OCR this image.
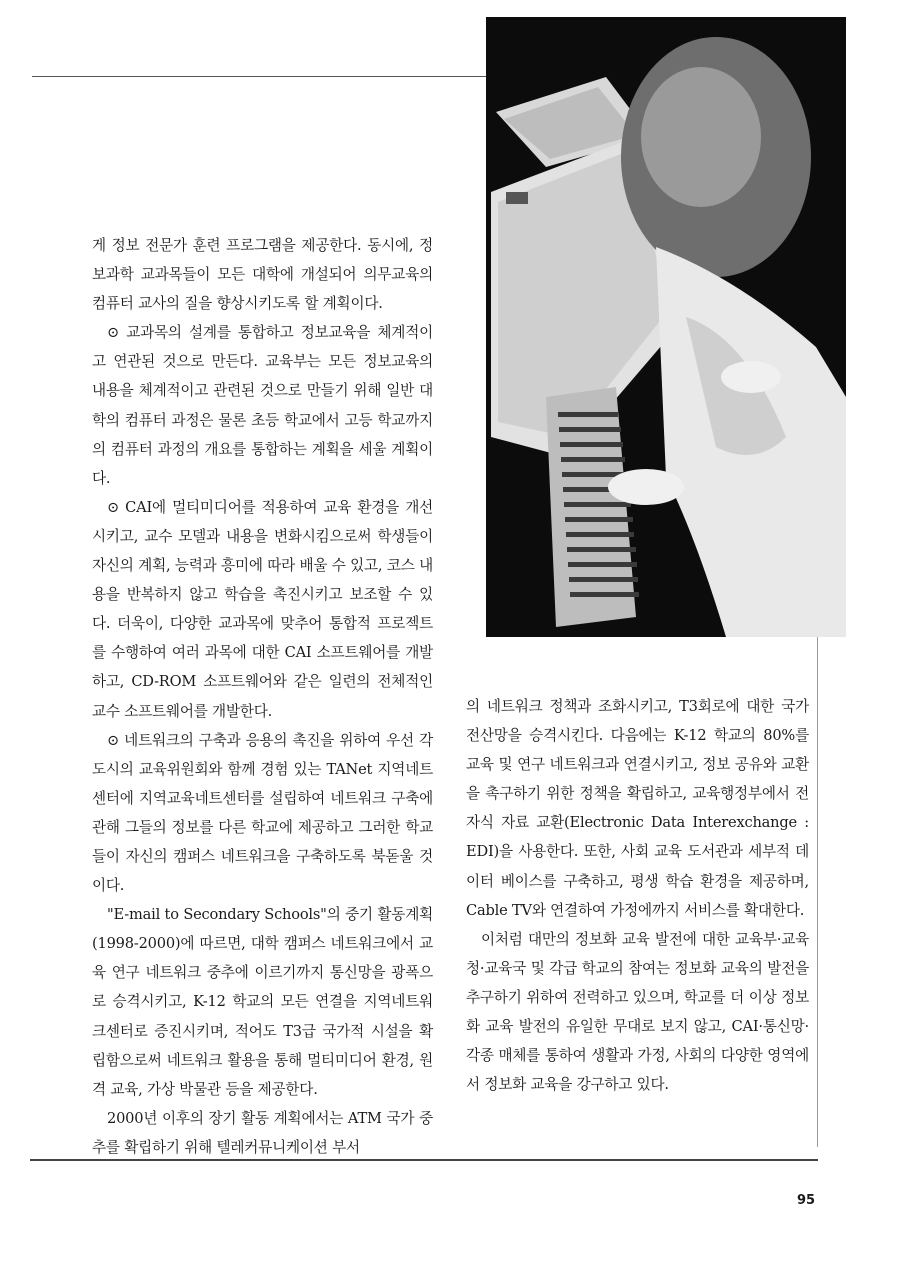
게 정보 전문가 훈련 프로그램을 제공한다. 동시에, 정보과학 교과목들이 모든 대학에 개설되어 의무교육의 컴퓨터 교사의 질을 향상시키도록 할 계획이다.

⊙ 교과목의 설계를 통합하고 정보교육을 체계적이고 연관된 것으로 만든다. 교육부는 모든 정보교육의 내용을 체계적이고 관련된 것으로 만들기 위해 일반 대학의 컴퓨터 과정은 물론 초등 학교에서 고등 학교까지의 컴퓨터 과정의 개요를 통합하는 계획을 세울 계획이다.

⊙ CAI에 멀티미디어를 적용하여 교육 환경을 개선시키고, 교수 모델과 내용을 변화시킴으로써 학생들이 자신의 계획, 능력과 흥미에 따라 배울 수 있고, 코스 내용을 반복하지 않고 학습을 촉진시키고 보조할 수 있다. 더욱이, 다양한 교과목에 맞추어 통합적 프로젝트를 수행하여 여러 과목에 대한 CAI 소프트웨어를 개발하고, CD-ROM 소프트웨어와 같은 일련의 전체적인 교수 소프트웨어를 개발한다.

⊙ 네트워크의 구축과 응용의 촉진을 위하여 우선 각 도시의 교육위원회와 함께 경험 있는 TANet 지역네트센터에 지역교육네트센터를 설립하여 네트워크 구축에 관해 그들의 정보를 다른 학교에 제공하고 그러한 학교들이 자신의 캠퍼스 네트워크을 구축하도록 북돋울 것이다.

"E-mail to Secondary Schools"의 중기 활동계획(1998-2000)에 따르면, 대학 캠퍼스 네트워크에서 교육 연구 네트워크 중추에 이르기까지 통신망을 광폭으로 승격시키고, K-12 학교의 모든 연결을 지역네트워크센터로 증진시키며, 적어도 T3급 국가적 시설을 확립함으로써 네트워크 활용을 통해 멀티미디어 환경, 원격 교육, 가상 박물관 등을 제공한다.

2000년 이후의 장기 활동 계획에서는 ATM 국가 중추를 확립하기 위해 텔레커뮤니케이션 부서

의 네트워크 정책과 조화시키고, T3회로에 대한 국가 전산망을 승격시킨다. 다음에는 K-12 학교의 80%를 교육 및 연구 네트워크과 연결시키고, 정보 공유와 교환을 촉구하기 위한 정책을 확립하고, 교육행정부에서 전자식 자료 교환(Electronic Data Interexchange : EDI)을 사용한다. 또한, 사회 교육 도서관과 세부적 데이터 베이스를 구축하고, 평생 학습 환경을 제공하며, Cable TV와 연결하여 가정에까지 서비스를 확대한다.

이처럼 대만의 정보화 교육 발전에 대한 교육부·교육청·교육국 및 각급 학교의 참여는 정보화 교육의 발전을 추구하기 위하여 전력하고 있으며, 학교를 더 이상 정보화 교육 발전의 유일한 무대로 보지 않고, CAI·통신망·각종 매체를 통하여 생활과 가정, 사회의 다양한 영역에서 정보화 교육을 강구하고 있다.

95
